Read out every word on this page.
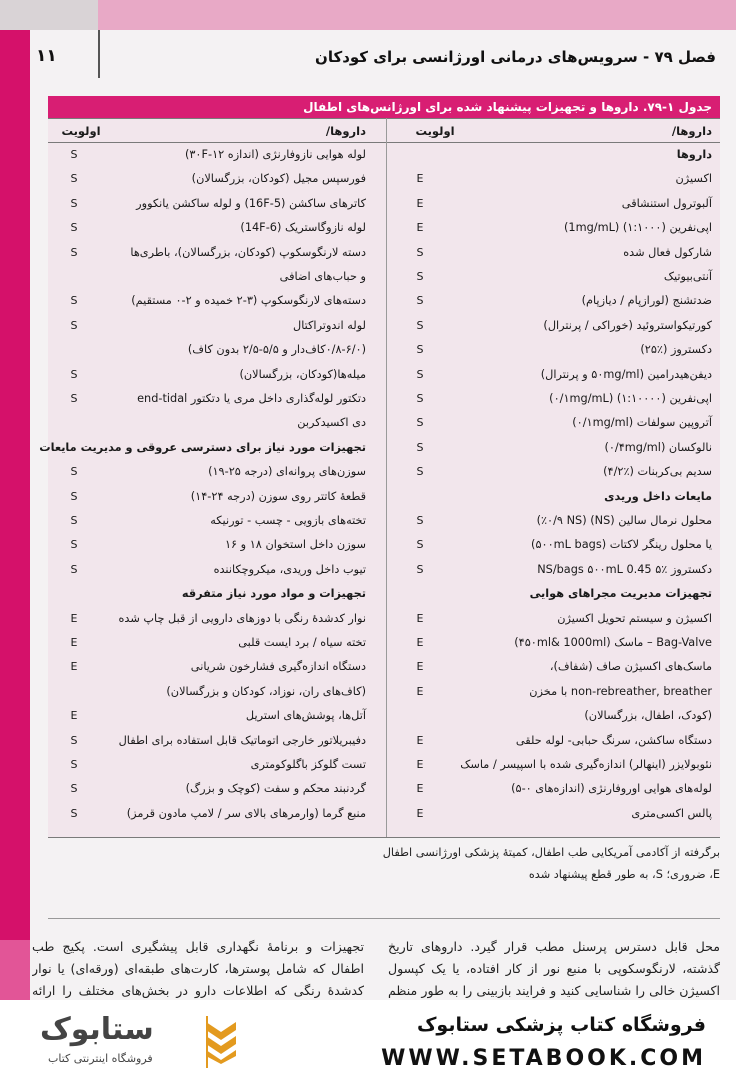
۱۱	فصل ۷۹ - سرویس‌های درمانی اورژانسی برای کودکان
جدول ۱-۷۹. داروها و تجهیزات پیشنهاد شده برای اورژانس‌های اطفال
داروها/
اولویت
داروها/
اولویت
داروها
اکسیژن
E
آلبوترول استنشاقی
E
اپی‌نفرین (۱:۱۰۰۰) (1mg/mL)
E
شارکول فعال شده
S
آنتی‌بیوتیک
S
ضدتشنج (لورازپام / دیازپام)
S
کورتیکواستروئید (خوراکی / پرنترال)
S
دکستروز (٪۲۵)
S
دیفن‌هیدرامین (۵۰mg/ml و پرنترال)
S
اپی‌نفرین (۱:۱۰۰۰۰) (۰/۱mg/mL)
S
آتروپین سولفات (۰/۱mg/ml)
S
نالوکسان (۰/۴mg/ml)
S
سدیم بی‌کربنات (٪۴/۲)
S
مایعات داخل وریدی
محلول نرمال سالین (NS) (٪۰/۹ NS)
S
یا محلول رینگر لاکتات (۵۰۰mL bags)
S
دکستروز ٪۵ 0.45 NS/bags ۵۰۰mL
S
تجهیزات مدیریت مجراهای هوایی
اکسیژن و سیستم تحویل اکسیژن
E
Bag-Valve – ماسک (۴۵۰ml& 1000ml)
E
ماسک‌های اکسیژن صاف (شفاف)،
E
non-rebreather, breather با مخزن
E
(کودک، اطفال، بزرگسالان)
دستگاه ساکشن، سرنگ حبابی- لوله حلقی
E
نئوبولایزر (اینهالر) اندازه‌گیری شده با اسپیسر / ماسک
E
لوله‌های هوایی اوروفارنژی (اندازه‌های ۰-۵)
E
پالس اکسی‌متری
E
لوله هوایی نازوفارنژی (اندازه ۱۲-۳۰F)
S
فورسپس مجیل (کودکان، بزرگسالان)
S
کاترهای ساکشن (5-16F) و لوله ساکشن یانکوور
S
لوله نازوگاستریک (6-14F)
S
دسته لارنگوسکوپ (کودکان، بزرگسالان)، باطری‌ها
S
و حباب‌های اضافی
دسته‌های لارنگوسکوپ (۳-۲ خمیده و ۲-۰ مستقیم)
S
لوله اندوتراکتال
S
(۰/۸-۶/۰کاف‌دار و ۵/۵-۲/۵ بدون کاف)
میله‌ها(کودکان، بزرگسالان)
S
دتکتور لوله‌گذاری داخل مری یا دتکتور end-tidal
S
دی اکسیدکربن
تجهیزات مورد نیاز برای دسترسی عروقی و مدیریت مایعات
سوزن‌های پروانه‌ای (درجه ۲۵-۱۹)
S
قطعهٔ کاتتر روی سوزن (درجه ۲۴-۱۴)
S
تخته‌های بازویی - چسب - تورنیکه
S
سوزن داخل استخوان ۱۸ و ۱۶
S
تیوب داخل وریدی، میکروچکاننده
S
تجهیزات و مواد مورد نیاز متفرقه
نوار کدشدهٔ رنگی با دوزهای دارویی از قبل چاپ شده
E
تخته سیاه / برد ایست قلبی
E
دستگاه اندازه‌گیری فشارخون شریانی
E
(کاف‌های ران، نوزاد، کودکان و بزرگسالان)
آتل‌ها، پوشش‌های استریل
E
دفیبریلاتور خارجی اتوماتیک قابل استفاده برای اطفال
S
تست گلوکز باگلوکومتری
S
گردنبند محکم و سفت (کوچک و بزرگ)
S
منبع گرما (وارمرهای بالای سر / لامپ مادون قرمز)
S
برگرفته از آکادمی آمریکایی طب اطفال، کمیتهٔ پزشکی اورژانسی اطفال
E، ضروری؛ S، به طور قطع پیشنهاد شده
محل قابل دسترس پرسنل مطب قرار گیرد. داروهای تاریخ گذشته، لارنگوسکوپی با منبع نور از کار افتاده، یا یک کپسول اکسیژن خالی را شناسایی کنید و فرایند بازبینی را به طور منظم
تجهیزات و برنامهٔ نگهداری قابل پیشگیری است. پکیج طب اطفال که شامل پوسترها، کارت‌های طبقه‌ای (ورقه‌ای) یا نوار کدشدهٔ رنگی که اطلاعات دارو در بخش‌های مختلف را ارائه
ستابوک
فروشگاه اینترنتی کتاب
فروشگاه کتاب پزشکی ستابوک
WWW.SETABOOK.COM
